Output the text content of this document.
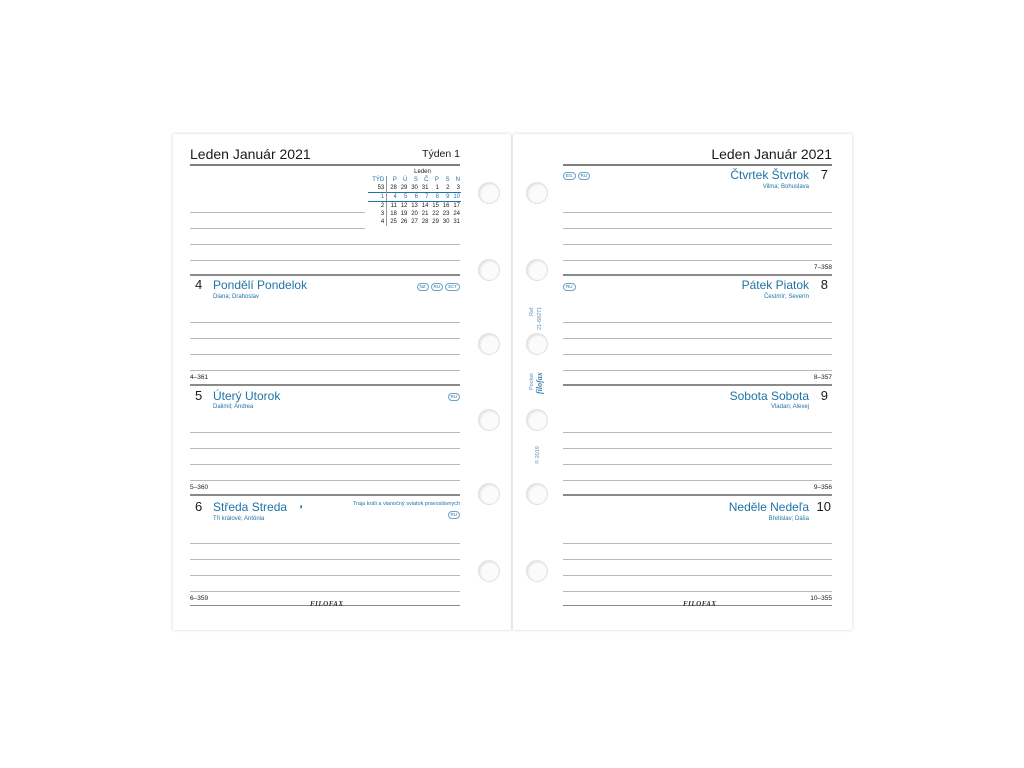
Leden Január 2021	Týden 1
Leden
TÝD	P	Ú	S	Č	P	S	N
53	28	29	30	31	1	2	3
1	4	5	6	7	8	9	10
2	11	12	13	14	15	16	17
3	18	19	20	21	22	23	24
4	25	26	27	28	29	30	31
4 Pondělí Pondelok
Diana; Drahoslav
NZ	RU	SCT
4–361
5 Úterý Utorok
Dalimil; Andrea
RU
5–360
6 Středa Streda ◑
Tři králové; Antónia
Traja králi a vianočný sviatok pravoslávnych
RU
6–359
FILOFAX
Leden Január 2021
7
Čtvrtek Štvrtok
Vilma; Bohuslava
EG	RU
7–358
8
Pátek Piatok
Čestmír; Severín
RU
8–357
9
Sobota Sobota
Vladan; Alexej
9–356
10
Neděle Nedeľa
Břetislav; Dáša
10–355
FILOFAX
Ref. 21-68271
Pocket filofax
© 2019
